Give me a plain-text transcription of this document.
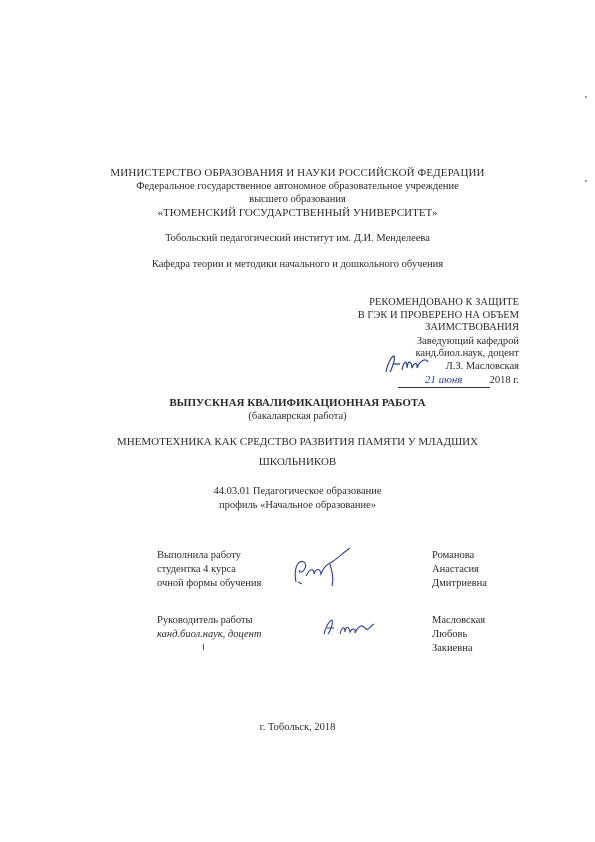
МИНИСТЕРСТВО ОБРАЗОВАНИЯ И НАУКИ РОССИЙСКОЙ ФЕДЕРАЦИИ
Федеральное государственное автономное образовательное учреждение
высшего образования
«ТЮМЕНСКИЙ ГОСУДАРСТВЕННЫЙ УНИВЕРСИТЕТ»
Тобольский педагогический институт им. Д.И. Менделеева
Кафедра теории и методики начального и дошкольного обучения
РЕКОМЕНДОВАНО К ЗАЩИТЕ
В ГЭК И ПРОВЕРЕНО НА ОБЪЕМ
ЗАИМСТВОВАНИЯ
Заведующий кафедрой
канд.биол.наук, доцент
Л.З. Масловская
21 июня	2018 г.
ВЫПУСКНАЯ КВАЛИФИКАЦИОННАЯ РАБОТА
(бакалаврская работа)
МНЕМОТЕХНИКА КАК СРЕДСТВО РАЗВИТИЯ ПАМЯТИ У МЛАДШИХ
ШКОЛЬНИКОВ
44.03.01 Педагогическое образование
профиль «Начальное образование»
Выполнила работу
студентка 4 курса
очной формы обучения
Романова
Анастасия
Дмитриевна
Руководитель работы
канд.биол.наук, доцент
Масловская
Любовь
Закиевна
г. Тобольск, 2018
